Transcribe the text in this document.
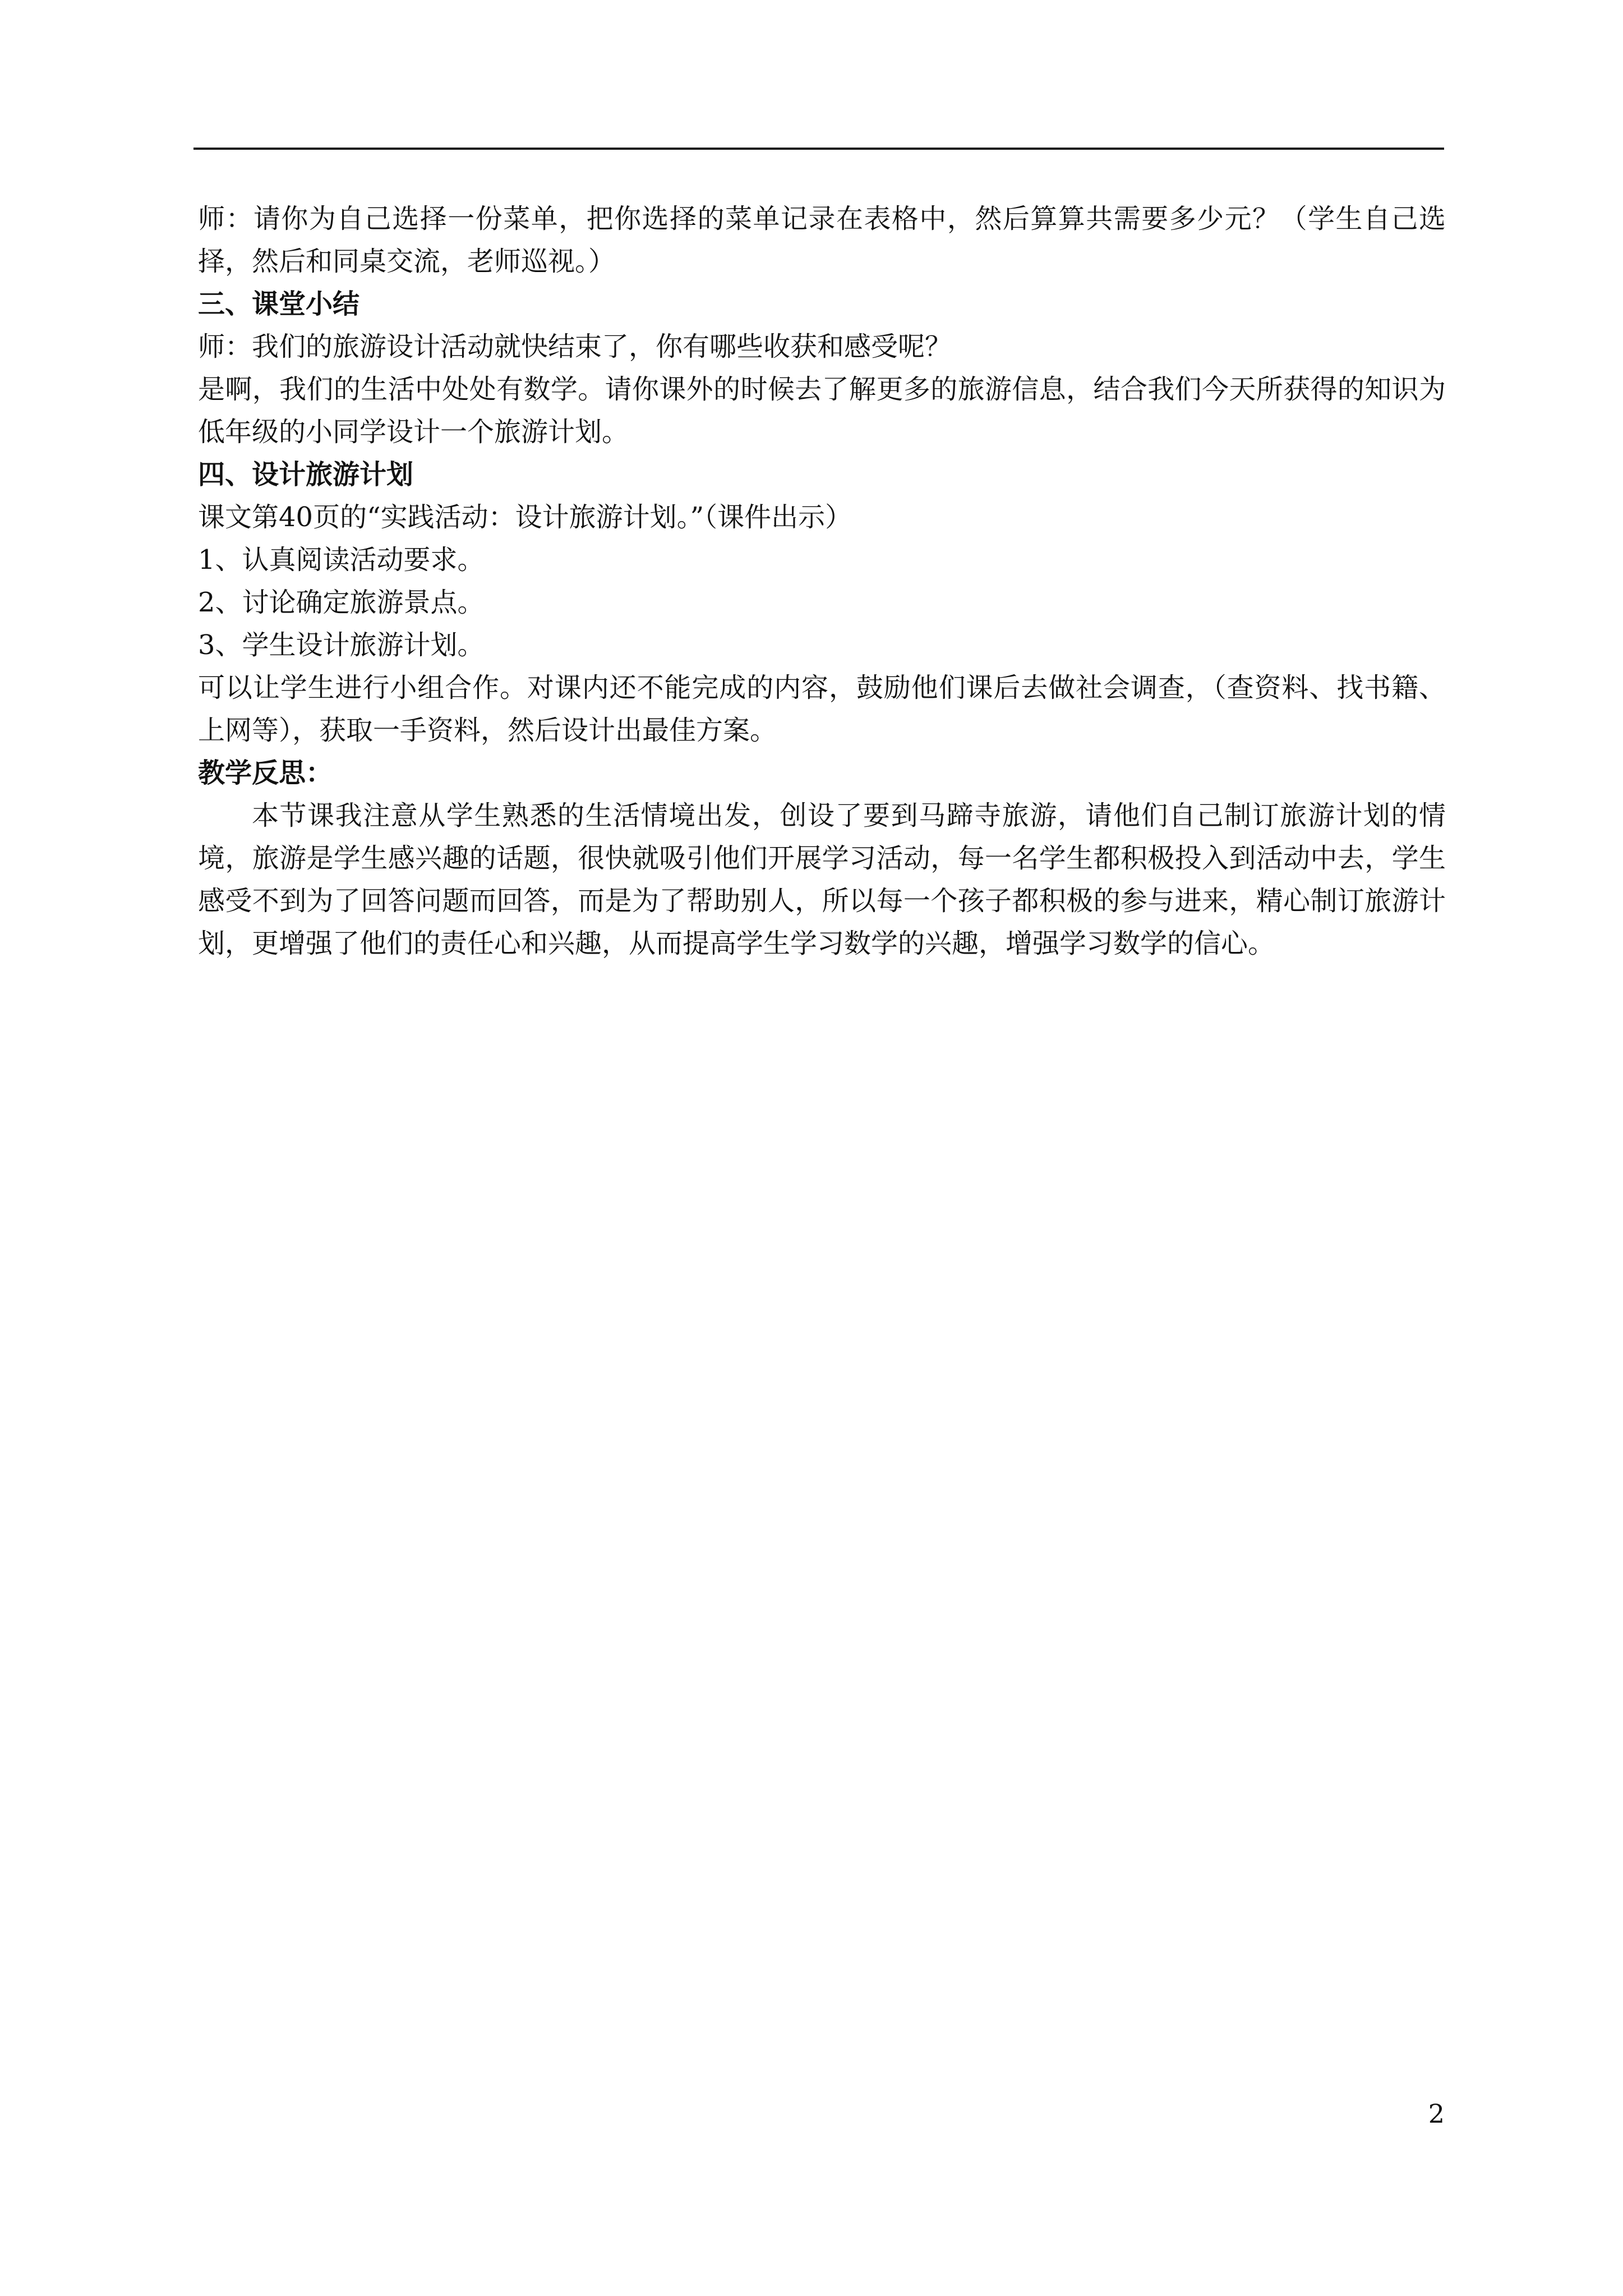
师：请你为自己选择一份菜单，把你选择的菜单记录在表格中，然后算算共需要多少元？（学生自己选择，然后和同桌交流，老师巡视。）

三、课堂小结

师：我们的旅游设计活动就快结束了，你有哪些收获和感受呢？

是啊，我们的生活中处处有数学。请你课外的时候去了解更多的旅游信息，结合我们今天所获得的知识为低年级的小同学设计一个旅游计划。

四、设计旅游计划

课文第40页的“实践活动：设计旅游计划。”（课件出示）

1、认真阅读活动要求。

2、讨论确定旅游景点。

3、学生设计旅游计划。

可以让学生进行小组合作。对课内还不能完成的内容，鼓励他们课后去做社会调查，（查资料、找书籍、上网等），获取一手资料，然后设计出最佳方案。

教学反思：

本节课我注意从学生熟悉的生活情境出发，创设了要到马蹄寺旅游，请他们自己制订旅游计划的情境，旅游是学生感兴趣的话题，很快就吸引他们开展学习活动，每一名学生都积极投入到活动中去，学生感受不到为了回答问题而回答，而是为了帮助别人，所以每一个孩子都积极的参与进来，精心制订旅游计划，更增强了他们的责任心和兴趣，从而提高学生学习数学的兴趣，增强学习数学的信心。

2
